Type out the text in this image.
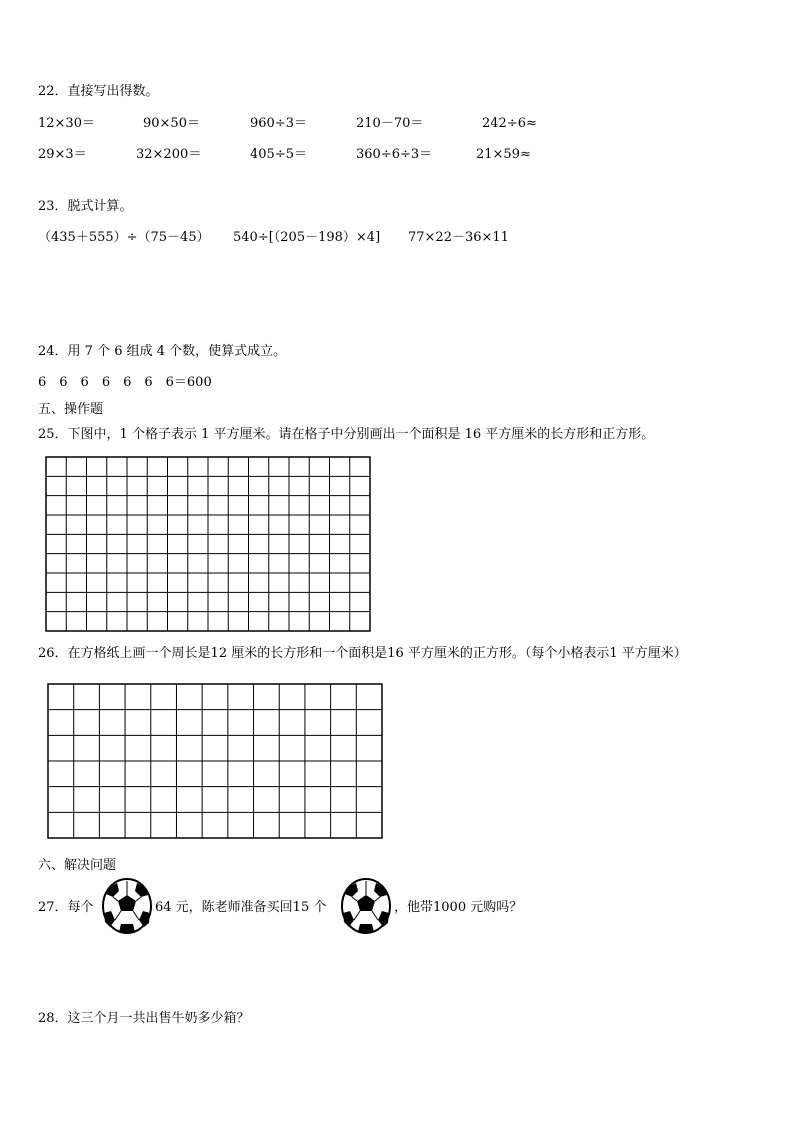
22．直接写出得数。
12×30＝	90×50＝	960÷3＝	210－70＝	242÷6≈
29×3＝	32×200＝	405÷5＝	360÷6÷3＝	21×59≈
23．脱式计算。
（435＋555）÷（75－45） 540÷[（205－198）×4] 77×22－36×11
24．用 7 个 6 组成 4 个数，使算式成立。
6　6　6　6　6　6　6＝600
五、操作题
25．下图中，1 个格子表示 1 平方厘米。请在格子中分别画出一个面积是 16 平方厘米的长方形和正方形。
26．在方格纸上画一个周长是12 厘米的长方形和一个面积是16 平方厘米的正方形。（每个小格表示1 平方厘米）
六、解决问题
27．每个	64 元，陈老师准备买回15 个	，他带1000 元购吗？
28．这三个月一共出售牛奶多少箱？
